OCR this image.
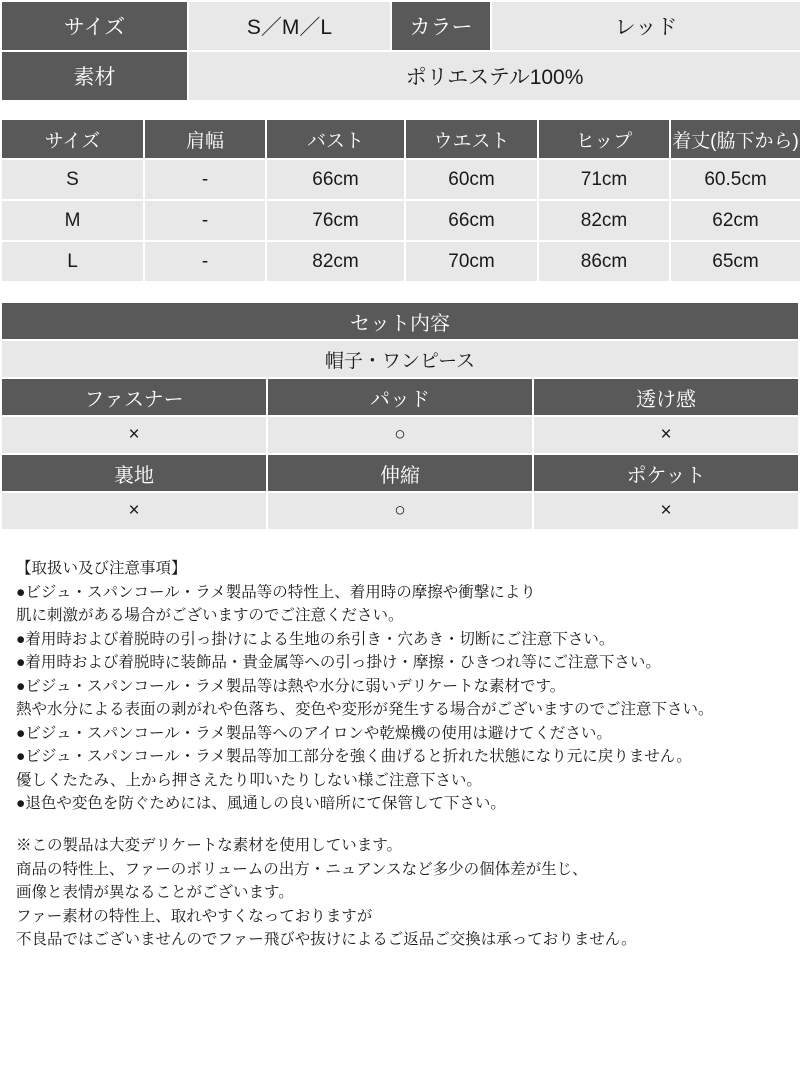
サイズ	S／M／L	カラー	レッド
素材	ポリエステル100%		
サイズ	肩幅	バスト	ウエスト	ヒップ	着丈(脇下から)
S	-	66cm	60cm	71cm	60.5cm
M	-	76cm	66cm	82cm	62cm
L	-	82cm	70cm	86cm	65cm
セット内容		
帽子・ワンピース		
ファスナー	パッド	透け感
×	○	×
裏地	伸縮	ポケット
×	○	×
【取扱い及び注意事項】
●ビジュ・スパンコール・ラメ製品等の特性上、着用時の摩擦や衝撃により
肌に刺激がある場合がございますのでご注意ください。
●着用時および着脱時の引っ掛けによる生地の糸引き・穴あき・切断にご注意下さい。
●着用時および着脱時に装飾品・貴金属等への引っ掛け・摩擦・ひきつれ等にご注意下さい。
●ビジュ・スパンコール・ラメ製品等は熱や水分に弱いデリケートな素材です。
熱や水分による表面の剥がれや色落ち、変色や変形が発生する場合がございますのでご注意下さい。
●ビジュ・スパンコール・ラメ製品等へのアイロンや乾燥機の使用は避けてください。
●ビジュ・スパンコール・ラメ製品等加工部分を強く曲げると折れた状態になり元に戻りません。
優しくたたみ、上から押さえたり叩いたりしない様ご注意下さい。
●退色や変色を防ぐためには、風通しの良い暗所にて保管して下さい。
※この製品は大変デリケートな素材を使用しています。
商品の特性上、ファーのボリュームの出方・ニュアンスなど多少の個体差が生じ、
画像と表情が異なることがございます。
ファー素材の特性上、取れやすくなっておりますが
不良品ではございませんのでファー飛びや抜けによるご返品ご交換は承っておりません。
